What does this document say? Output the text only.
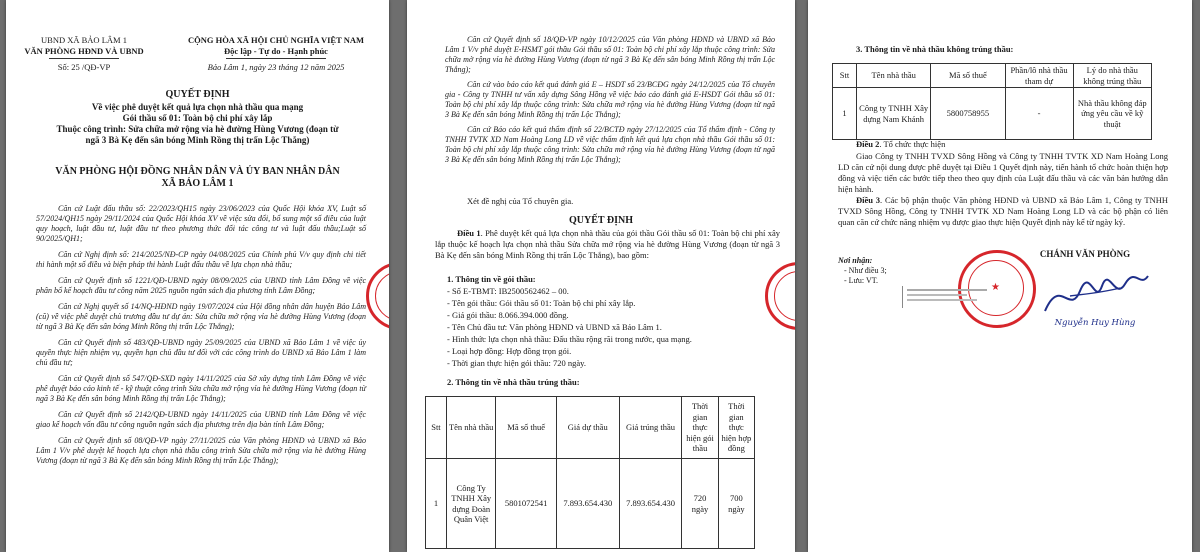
UBND XÃ BẢO LÂM 1
VĂN PHÒNG HĐND VÀ UBND
CỘNG HÒA XÃ HỘI CHỦ NGHĨA VIỆT NAM
Độc lập - Tự do - Hạnh phúc
Số: 25 /QĐ-VP	Bảo Lâm 1, ngày 23 tháng 12 năm 2025
QUYẾT ĐỊNH
Về việc phê duyệt kết quả lựa chọn nhà thầu qua mạng
Gói thầu số 01: Toàn bộ chi phí xây lắp
Thuộc công trình: Sửa chữa mở rộng vỉa hè đường Hùng Vương (đoạn từ
ngã 3 Bà Kẹ đến sân bóng Minh Rồng thị trấn Lộc Thắng)
VĂN PHÒNG HỘI ĐỒNG NHÂN DÂN VÀ ỦY BAN NHÂN DÂN
XÃ BẢO LÂM 1

Căn cứ Luật đấu thầu số: 22/2023/QH15 ngày 23/06/2023 của Quốc Hội khóa XV, Luật số 57/2024/QH15 ngày 29/11/2024 của Quốc Hội khóa XV về việc sửa đổi, bổ sung một số điều của luật quy hoạch, luật đầu tư, luật đầu tư theo phương thức đối tác công tư và luật đấu thầu;Luật số 90/2025/QH1;

Căn cứ Nghị định số: 214/2025/NĐ-CP ngày 04/08/2025 của Chính phủ V/v quy định chi tiết thi hành một số điều và biện pháp thi hành Luật đấu thầu về lựa chọn nhà thầu;

Căn cứ Quyết định số 1221/QĐ-UBND ngày 08/09/2025 của UBND tỉnh Lâm Đồng về việc phân bổ kế hoạch đầu tư công năm 2025 nguồn ngân sách địa phương tỉnh Lâm Đồng;

Căn cứ Nghị quyết số 14/NQ-HĐND ngày 19/07/2024 của Hội đồng nhân dân huyện Bảo Lâm (cũ) về việc phê duyệt chủ trương đầu tư dự án: Sửa chữa mở rộng vỉa hè đường Hùng Vương (đoạn từ ngã 3 Bà Kẹ đến sân bóng Minh Rồng thị trấn Lộc Thắng);

Căn cứ Quyết định số 483/QĐ-UBND ngày 25/09/2025 của UBND xã Bảo Lâm 1 về việc ủy quyền thực hiện nhiệm vụ, quyền hạn chủ đầu tư đối với các công trình do UBND xã Bảo Lâm 1 làm chủ đầu tư;

Căn cứ Quyết định số 547/QĐ-SXD ngày 14/11/2025 của Sở xây dựng tỉnh Lâm Đồng về việc phê duyệt báo cáo kinh tế - kỹ thuật công trình Sửa chữa mở rộng vỉa hè đường Hùng Vương (đoạn từ ngã 3 Bà Kẹ đến sân bóng Minh Rồng thị trấn Lộc Thắng);

Căn cứ Quyết định số 2142/QĐ-UBND ngày 14/11/2025 của UBND tỉnh Lâm Đồng về việc giao kế hoạch vốn đầu tư công nguồn ngân sách địa phương trên địa bàn tỉnh Lâm Đồng;

Căn cứ Quyết định số 08/QĐ-VP ngày 27/11/2025 của Văn phòng HĐND và UBND xã Bảo Lâm 1 V/v phê duyệt kế hoạch lựa chọn nhà thầu công trình Sửa chữa mở rộng vỉa hè đường Hùng Vương (đoạn từ ngã 3 Bà Kẹ đến sân bóng Minh Rồng thị trấn Lộc Thắng);

Căn cứ Quyết định số 18/QĐ-VP ngày 10/12/2025 của Văn phòng HĐND và UBND xã Bảo Lâm 1 V/v phê duyệt E-HSMT gói thầu Gói thầu số 01: Toàn bộ chi phí xây lắp thuộc công trình: Sửa chữa mở rộng vỉa hè đường Hùng Vương (đoạn từ ngã 3 Bà Kẹ đến sân bóng Minh Rồng thị trấn Lộc Thắng);

Căn cứ vào báo cáo kết quả đánh giá E – HSDT số 23/BCĐG ngày 24/12/2025 của Tổ chuyên gia - Công ty TNHH tư vấn xây dựng Sông Hồng về việc báo cáo đánh giá E-HSDT Gói thầu số 01: Toàn bộ chi phí xây lắp thuộc công trình: Sửa chữa mở rộng vỉa hè đường Hùng Vương (đoạn từ ngã 3 Bà Kẹ đến sân bóng Minh Rồng thị trấn Lộc Thắng);

Căn cứ Báo cáo kết quả thẩm định số 22/BCTĐ ngày 27/12/2025 của Tổ thẩm định - Công ty TNHH TVTK XD Nam Hoàng Long LD về việc thẩm định kết quả lựa chọn nhà thầu Gói thầu số 01: Toàn bộ chi phí xây lắp thuộc công trình: Sửa chữa mở rộng vỉa hè đường Hùng Vương (đoạn từ ngã 3 Bà Kẹ đến sân bóng Minh Rồng thị trấn Lộc Thắng);

Xét đề nghị của Tổ chuyên gia.
QUYẾT ĐỊNH
Điều 1. Phê duyệt kết quả lựa chọn nhà thầu của gói thầu Gói thầu số 01: Toàn bộ chi phí xây lắp thuộc kế hoạch lựa chọn nhà thầu Sửa chữa mở rộng vỉa hè đường Hùng Vương (đoạn từ ngã 3 Bà Kẹ đến sân bóng Minh Rồng thị trấn Lộc Thắng), bao gồm:
1. Thông tin về gói thầu:
- Số E-TBMT: IB2500562462 – 00.
- Tên gói thầu: Gói thầu số 01: Toàn bộ chi phí xây lắp.
- Giá gói thầu: 8.066.394.000 đồng.
- Tên Chủ đầu tư: Văn phòng HĐND và UBND xã Bảo Lâm 1.
- Hình thức lựa chọn nhà thầu: Đấu thầu rộng rãi trong nước, qua mạng.
- Loại hợp đồng: Hợp đồng trọn gói.
- Thời gian thực hiện gói thầu: 720 ngày.
2. Thông tin về nhà thầu trúng thầu:
Stt	Tên nhà thầu	Mã số thuế	Giá dự thầu	Giá trúng thầu	Thời gian thực hiện gói thầu	Thời gian thực hiện hợp đồng
1	Công Ty TNHH Xây dựng Đoàn Quân Việt	5801072541	7.893.654.430	7.893.654.430	720 ngày	700 ngày
3. Thông tin về nhà thầu không trúng thầu:
Stt	Tên nhà thầu	Mã số thuế	Phần/lô nhà thầu tham dự	Lý do nhà thầu không trúng thầu
1	Công ty TNHH Xây dựng Nam Khánh	5800758955	-	Nhà thầu không đáp ứng yêu cầu về kỹ thuật
Điều 2. Tổ chức thực hiện
Giao Công ty TNHH TVXD Sông Hồng và Công ty TNHH TVTK XD Nam Hoàng Long LD căn cứ nội dung được phê duyệt tại Điều 1 Quyết định này, tiến hành tổ chức hoàn thiện hợp đồng và việc tiến các bước tiếp theo theo quy định của Luật đấu thầu và các văn bản hướng dẫn hiện hành.
Điều 3. Các bộ phận thuộc Văn phòng HĐND và UBND xã Bảo Lâm 1, Công ty TNHH TVXD Sông Hồng, Công ty TNHH TVTK XD Nam Hoàng Long LD và các bộ phận có liên quan căn cứ chức năng nhiệm vụ được giao thực hiện Quyết định này kể từ ngày ký.
Nơi nhận:
- Như điều 3;
- Lưu: VT.
CHÁNH VĂN PHÒNG
★
Nguyễn Huy Hùng
